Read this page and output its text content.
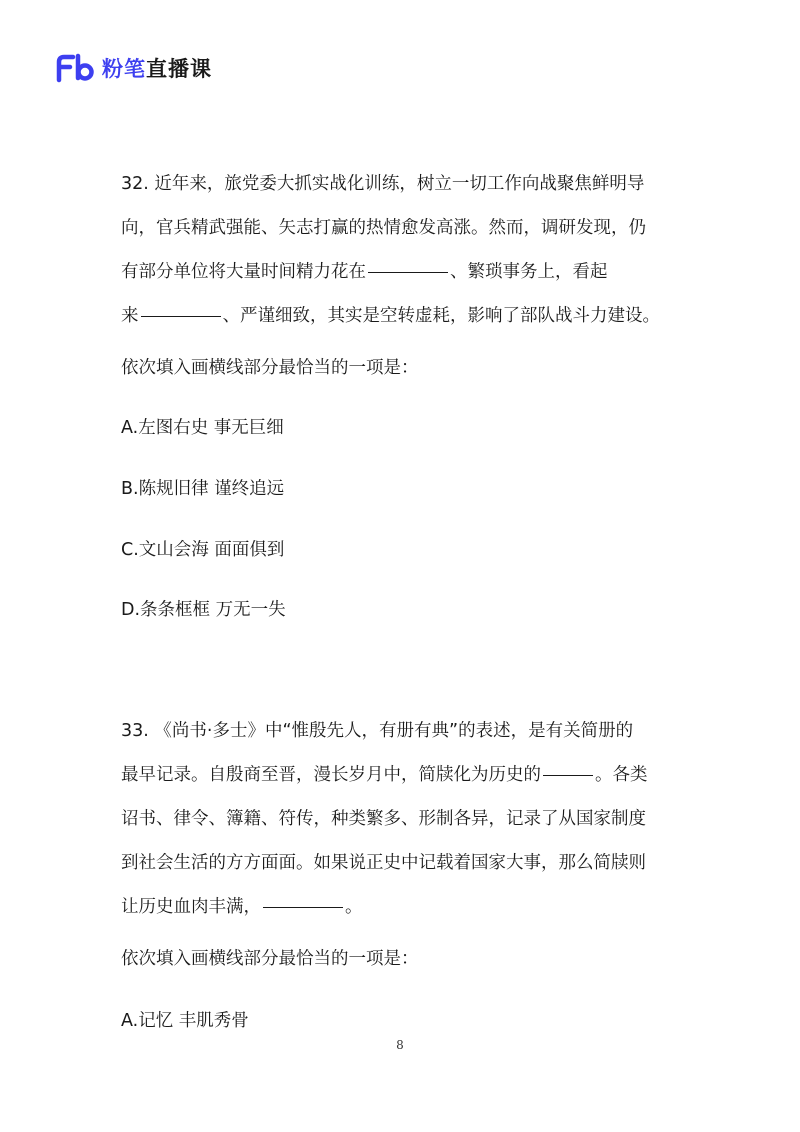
粉笔 直播课

32. 近年来，旅党委大抓实战化训练，树立一切工作向战聚焦鲜明导

向，官兵精武强能、矢志打赢的热情愈发高涨。然而，调研发现，仍

有部分单位将大量时间精力花在	、繁琐事务上，看起

来	、严谨细致，其实是空转虚耗，影响了部队战斗力建设。

依次填入画横线部分最恰当的一项是：

A.左图右史 事无巨细

B.陈规旧律 谨终追远

C.文山会海 面面俱到

D.条条框框 万无一失

33. 《尚书·多士》中“惟殷先人，有册有典”的表述，是有关简册的

最早记录。自殷商至晋，漫长岁月中，简牍化为历史的	。各类

诏书、律令、簿籍、符传，种类繁多、形制各异，记录了从国家制度

到社会生活的方方面面。如果说正史中记载着国家大事，那么简牍则

让历史血肉丰满，	。

依次填入画横线部分最恰当的一项是：

A.记忆 丰肌秀骨

8
